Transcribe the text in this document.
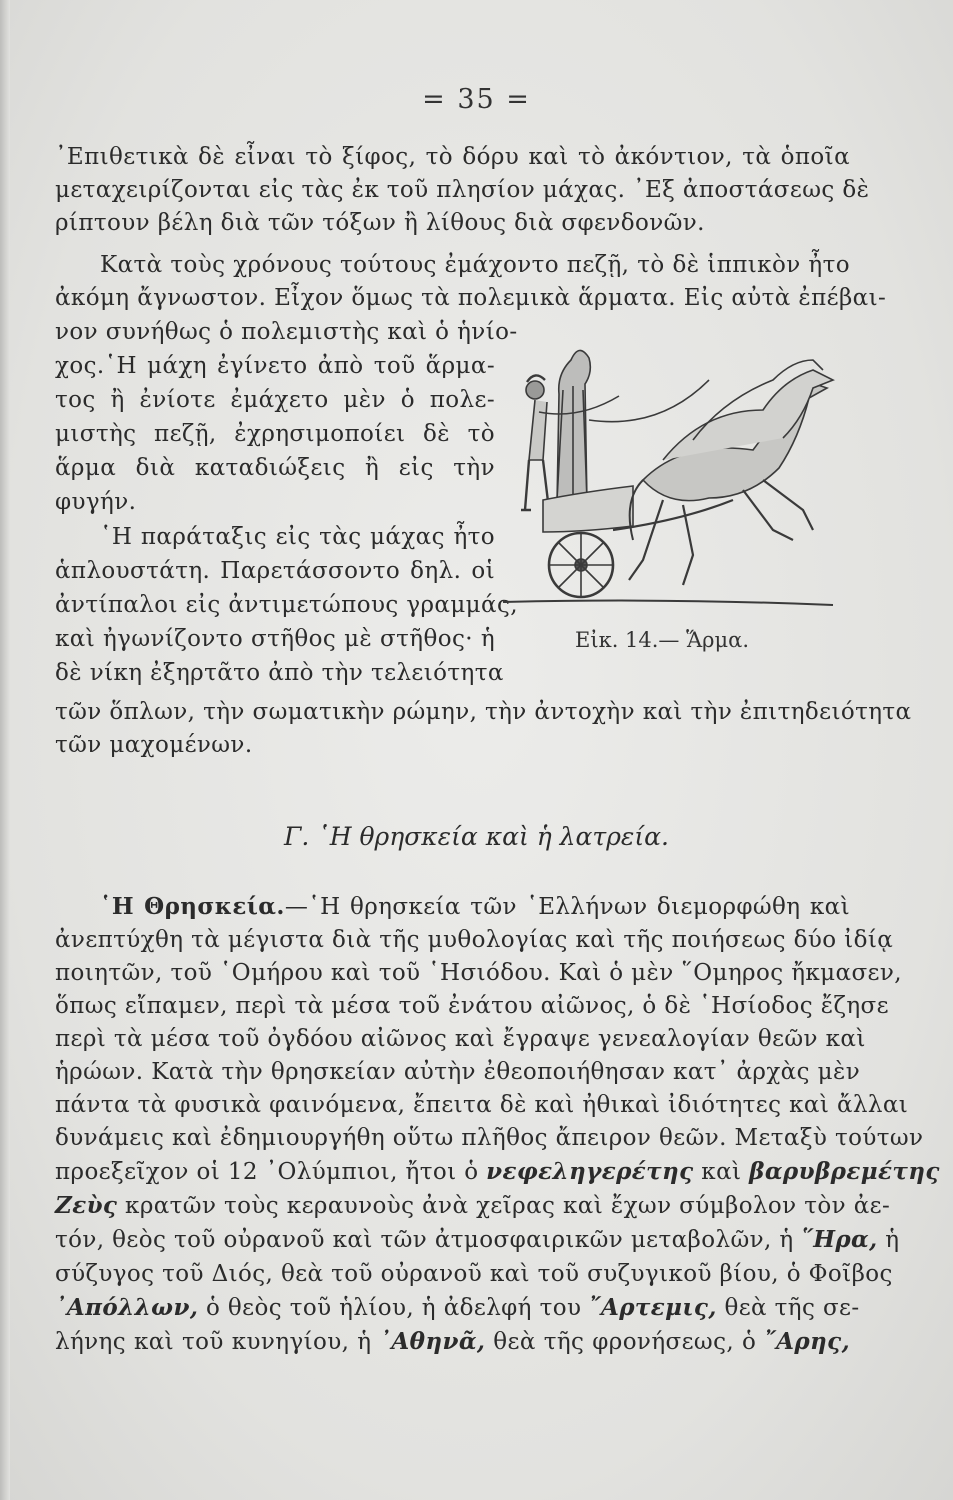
= 35 =
᾿Επιθετικὰ δὲ εἶναι τὸ ξίφος, τὸ δόρυ καὶ τὸ ἀκόντιον, τὰ ὁποῖα
μεταχειρίζονται εἰς τὰς ἐκ τοῦ πλησίον μάχας. ᾿Εξ ἀποστάσεως δὲ
ρίπτουν βέλη διὰ τῶν τόξων ἢ λίθους διὰ σφενδονῶν.
Κατὰ τοὺς χρόνους τούτους ἐμάχοντο πεζῇ, τὸ δὲ ἱππικὸν ἦτο
ἀκόμη ἄγνωστον. Εἶχον ὅμως τὰ πολεμικὰ ἅρματα. Εἰς αὐτὰ ἐπέβαι-
νον συνήθως ὁ πολεμιστὴς καὶ ὁ ἡνίο-
χος.῾Η μάχη ἐγίνετο ἀπὸ τοῦ ἅρμα-
τος ἢ ἐνίοτε ἐμάχετο μὲν ὁ πολε-
μιστὴς πεζῇ, ἐχρησιμοποίει δὲ τὸ
ἅρμα διὰ καταδιώξεις ἢ εἰς τὴν
φυγήν.
῾Η παράταξις εἰς τὰς μάχας ἦτο
ἁπλουστάτη. Παρετάσσοντο δηλ. οἱ
ἀντίπαλοι εἰς ἀντιμετώπους γραμμάς,
καὶ ἠγωνίζοντο στῆθος μὲ στῆθος· ἡ
δὲ νίκη ἐξηρτᾶτο ἀπὸ τὴν τελειότητα
Εἰκ. 14.— Ἅρμα.
τῶν ὅπλων, τὴν σωματικὴν ρώμην, τὴν ἀντοχὴν καὶ τὴν ἐπιτηδειότητα
τῶν μαχομένων.
Γ. ῾Η θρησκεία καὶ ἡ λατρεία.
῾Η Θρησκεία.—῾Η θρησκεία τῶν ῾Ελλήνων διεμορφώθη καὶ
ἀνεπτύχθη τὰ μέγιστα διὰ τῆς μυθολογίας καὶ τῆς ποιήσεως δύο ἰδίᾳ
ποιητῶν, τοῦ ῾Ομήρου καὶ τοῦ ῾Ησιόδου. Καὶ ὁ μὲν ῞Ομηρος ἤκμασεν,
ὅπως εἴπαμεν, περὶ τὰ μέσα τοῦ ἐνάτου αἰῶνος, ὁ δὲ ῾Ησίοδος ἔζησε
περὶ τὰ μέσα τοῦ ὀγδόου αἰῶνος καὶ ἔγραψε γενεαλογίαν θεῶν καὶ
ἡρώων. Κατὰ τὴν θρησκείαν αὐτὴν ἐθεοποιήθησαν κατ᾿ ἀρχὰς μὲν
πάντα τὰ φυσικὰ φαινόμενα, ἔπειτα δὲ καὶ ἠθικαὶ ἰδιότητες καὶ ἄλλαι
δυνάμεις καὶ ἐδημιουργήθη οὕτω πλῆθος ἄπειρον θεῶν. Μεταξὺ τούτων
προεξεῖχον οἱ 12 ᾿Ολύμπιοι, ἤτοι ὁ νεφεληγερέτης καὶ βαρυβρεμέτης
Ζεὺς κρατῶν τοὺς κεραυνοὺς ἀνὰ χεῖρας καὶ ἔχων σύμβολον τὸν ἀε-
τόν, θεὸς τοῦ οὐρανοῦ καὶ τῶν ἀτμοσφαιρικῶν μεταβολῶν, ἡ ῞Ηρα, ἡ
σύζυγος τοῦ Διός, θεὰ τοῦ οὐρανοῦ καὶ τοῦ συζυγικοῦ βίου, ὁ Φοῖβος
᾿Απόλλων, ὁ θεὸς τοῦ ἡλίου, ἡ ἀδελφή του ῎Αρτεμις, θεὰ τῆς σε-
λήνης καὶ τοῦ κυνηγίου, ἡ ᾿Αθηνᾶ, θεὰ τῆς φρονήσεως, ὁ ῎Αρης,
